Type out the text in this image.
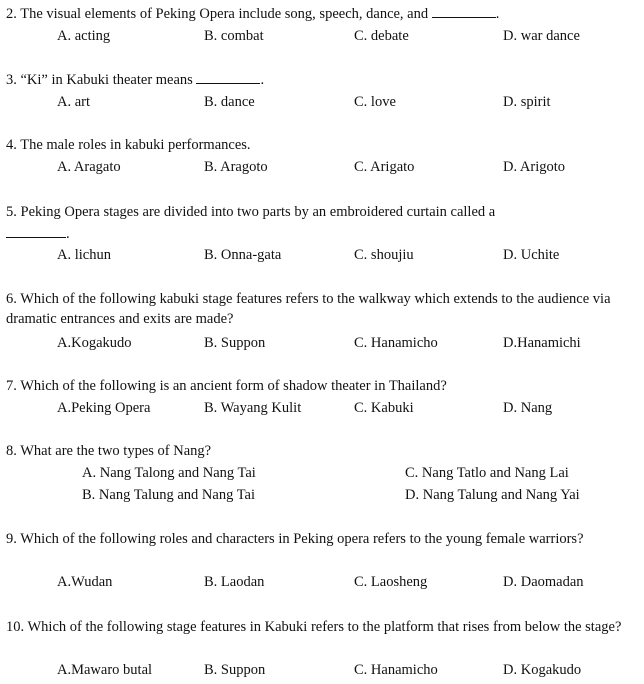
2. The visual elements of Peking Opera include song, speech, dance, and	.
A. acting	B. combat	C. debate	D. war dance
3. “Ki” in Kabuki theater means	.
A. art	B. dance	C. love	D. spirit
4. The male roles in kabuki performances.
A. Aragato	B. Aragoto	C. Arigato	D. Arigoto
5. Peking Opera stages are divided into two parts by an embroidered curtain called a
.
A. lichun	B. Onna-gata	C. shoujiu	D. Uchite
6. Which of the following kabuki stage features refers to the walkway which extends to the audience via dramatic entrances and exits are made?
A.Kogakudo	B. Suppon	C. Hanamicho	D.Hanamichi
7. Which of the following is an ancient form of shadow theater in Thailand?
A.Peking Opera	B. Wayang Kulit	C. Kabuki	D. Nang
8. What are the two types of Nang?
A. Nang Talong and Nang Tai	C. Nang Tatlo and Nang Lai
B. Nang Talung and Nang Tai	D. Nang Talung and Nang Yai
9. Which of the following roles and characters in Peking opera refers to the young female warriors?
A.Wudan	B. Laodan	C. Laosheng	D. Daomadan
10. Which of the following stage features in Kabuki refers to the platform that rises from below the stage?
A.Mawaro butal	B. Suppon	C. Hanamicho	D. Kogakudo
